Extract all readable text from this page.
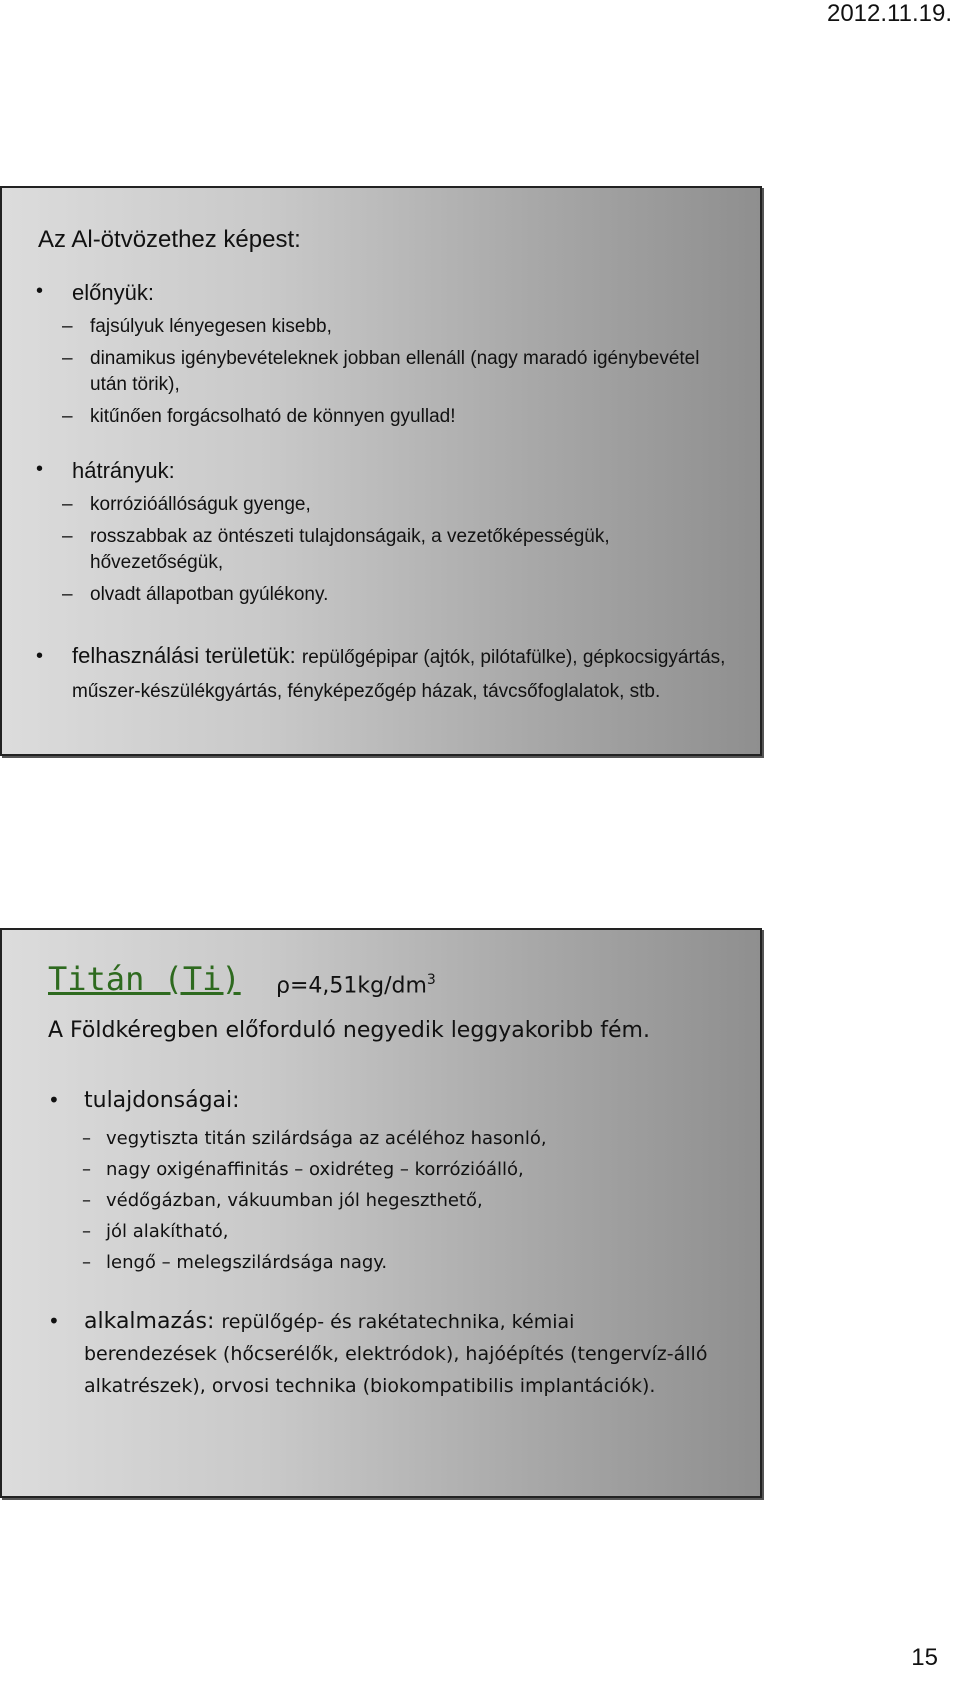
2012.11.19.
Az Al-ötvözethez képest:
• előnyük:
– fajsúlyuk lényegesen kisebb,
– dinamikus igénybevételeknek jobban ellenáll (nagy maradó igénybevétel után törik),
– kitűnően forgácsolható de könnyen gyullad!
• hátrányuk:
– korrózióállóságuk gyenge,
– rosszabbak az öntészeti tulajdonságaik, a vezetőképességük, hővezetőségük,
– olvadt állapotban gyúlékony.
• felhasználási területük: repülőgépipar (ajtók, pilótafülke), gépkocsigyártás, műszer-készülékgyártás, fényképezőgép házak, távcsőfoglalatok, stb.
Titán (Ti) $\rho=4,51kg/dm^3$
A Földkéregben előforduló negyedik leggyakoribb fém.
• tulajdonságai:
– vegytiszta titán szilárdsága az acéléhoz hasonló,
– nagy oxigénaffinitás – oxidréteg – korrózióálló,
– védőgázban, vákuumban jól hegeszthető,
– jól alakítható,
– lengő – melegszilárdsága nagy.
• alkalmazás: repülőgép- és rakétatechnika, kémiai berendezések (hőcserélők, elektródok), hajóépítés (tengervíz-álló alkatrészek), orvosi technika (biokompatibilis implantációk).
15
